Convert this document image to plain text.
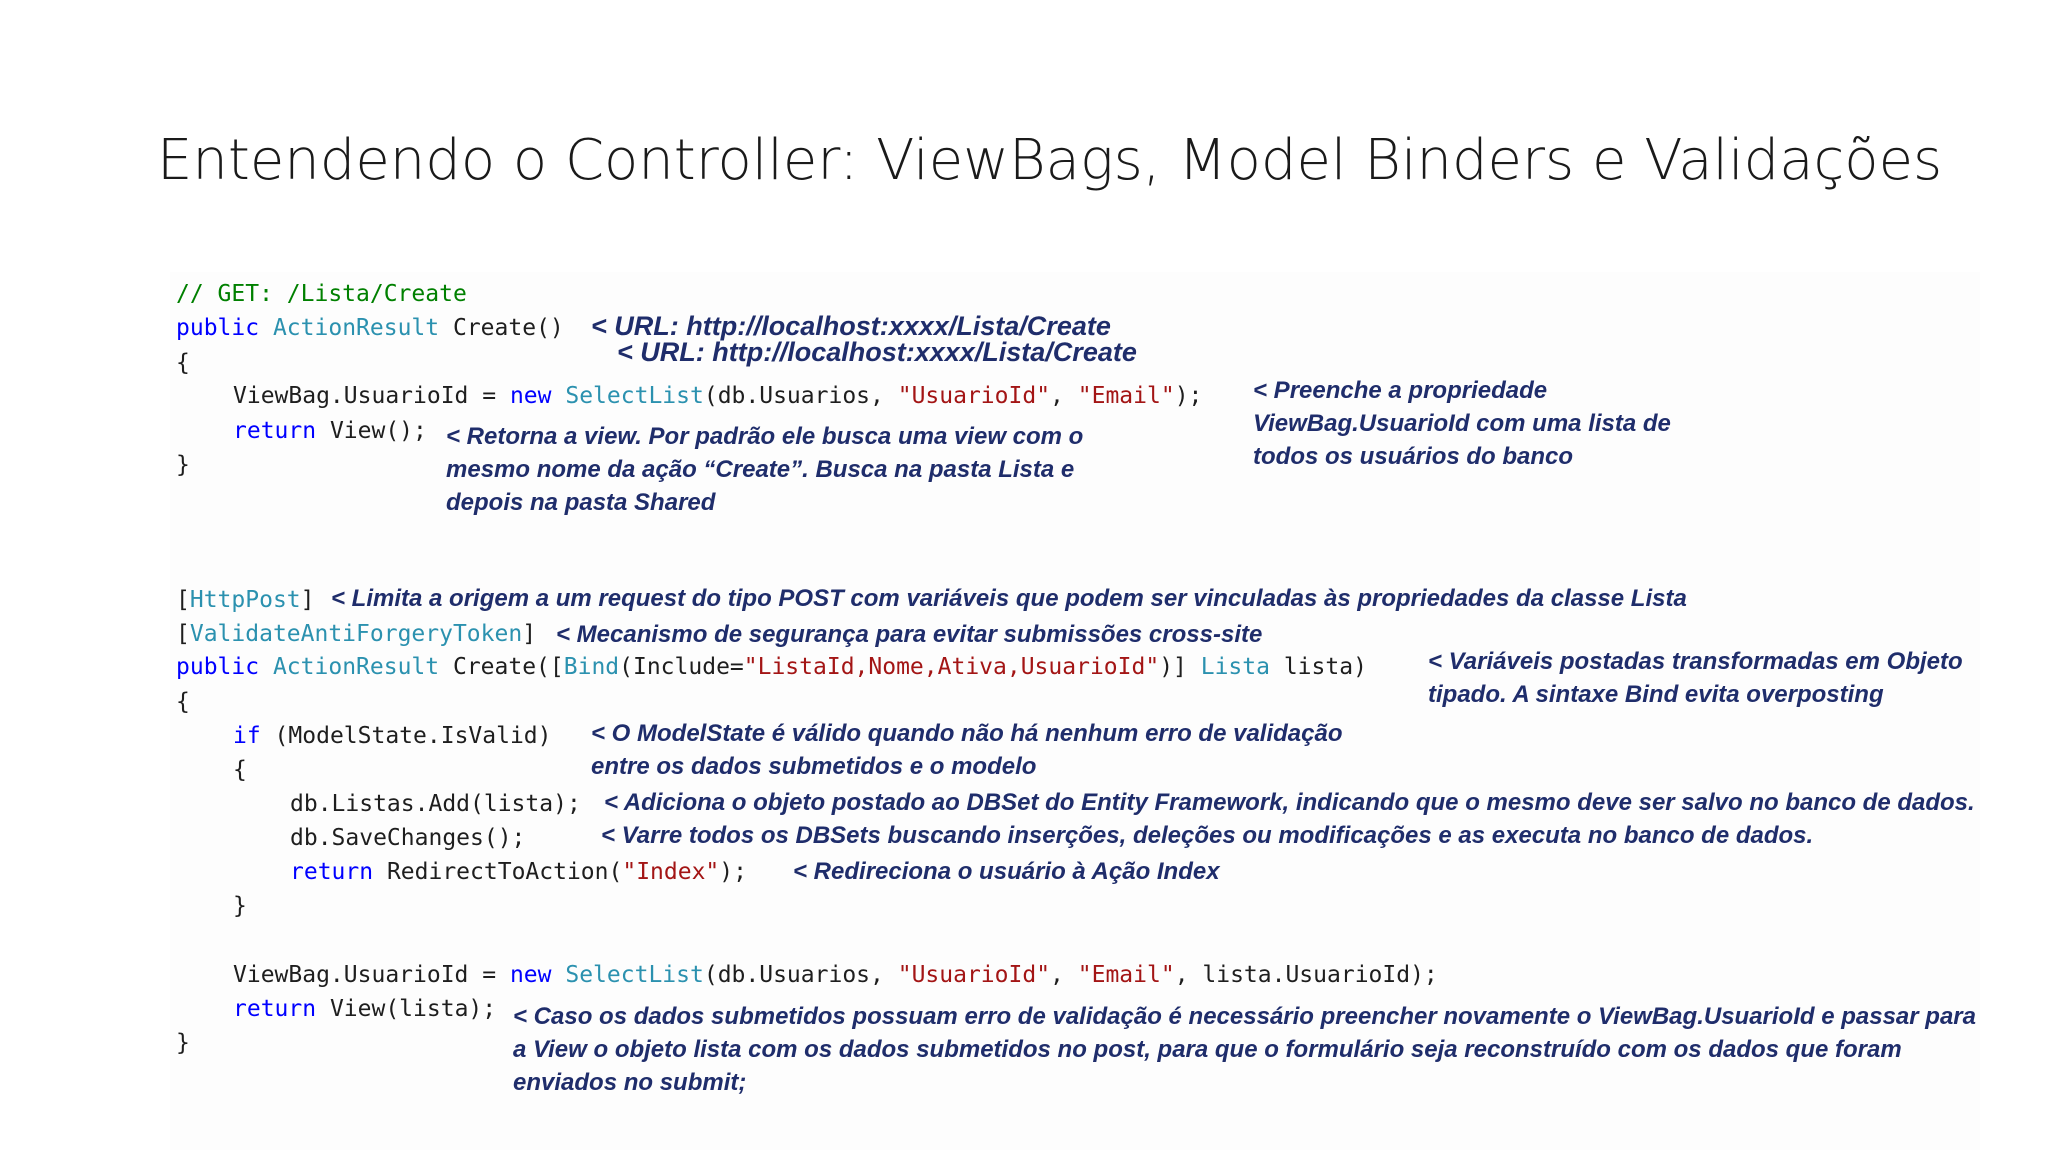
Entendendo o Controller: ViewBags, Model Binders e Validações
// GET: /Lista/Create
public ActionResult Create()
{
ViewBag.UsuarioId = new SelectList(db.Usuarios, "UsuarioId", "Email");
return View();
}
[HttpPost]
[ValidateAntiForgeryToken]
public ActionResult Create([Bind(Include="ListaId,Nome,Ativa,UsuarioId")] Lista lista)
{
if (ModelState.IsValid)
{
db.Listas.Add(lista);
db.SaveChanges();
return RedirectToAction("Index");
}
ViewBag.UsuarioId = new SelectList(db.Usuarios, "UsuarioId", "Email", lista.UsuarioId);
return View(lista);
}
< URL: http://localhost:xxxx/Lista/Create
< URL: http://localhost:xxxx/Lista/Create
< Preenche a propriedade
ViewBag.UsuarioId com uma lista de
todos os usuários do banco
< Retorna a view. Por padrão ele busca uma view com o
mesmo nome da ação “Create”. Busca na pasta Lista e
depois na pasta Shared
< Limita a origem a um request do tipo POST com variáveis que podem ser vinculadas às propriedades da classe Lista
< Mecanismo de segurança para evitar submissões cross-site
< Variáveis postadas transformadas em Objeto
tipado. A sintaxe Bind evita overposting
< O ModelState é válido quando não há nenhum erro de validação
entre os dados submetidos e o modelo
< Adiciona o objeto postado ao DBSet do Entity Framework, indicando que o mesmo deve ser salvo no banco de dados.
< Varre todos os DBSets buscando inserções, deleções ou modificações e as executa no banco de dados.
< Redireciona o usuário à Ação Index
< Caso os dados submetidos possuam erro de validação é necessário preencher novamente o ViewBag.UsuarioId e passar para
a View o objeto lista com os dados submetidos no post, para que o formulário seja reconstruído com os dados que foram
enviados no submit;
